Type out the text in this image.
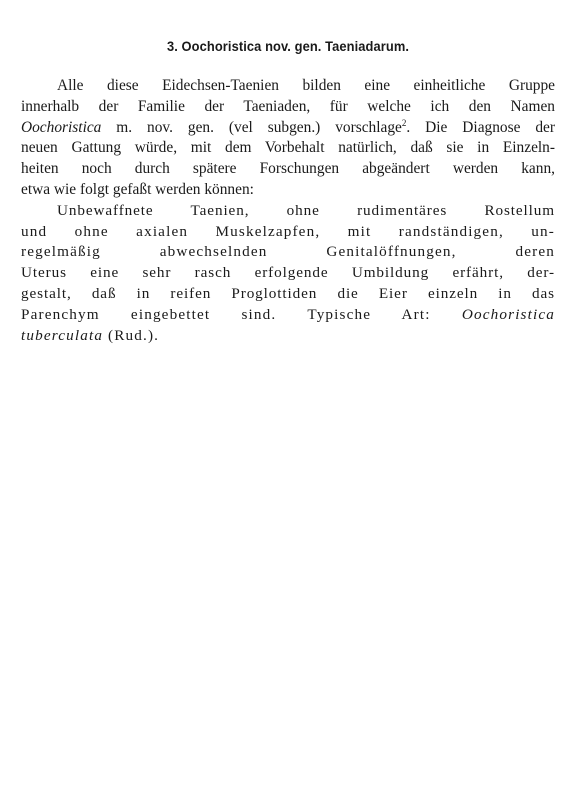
3. Oochoristica nov. gen. Taeniadarum.
Alle diese Eidechsen-Taenien bilden eine einheitliche Gruppe
innerhalb der Familie der Taeniaden, für welche ich den Namen
Oochoristica m. nov. gen. (vel subgen.) vorschlage$^2$. Die Diagnose der
neuen Gattung würde, mit dem Vorbehalt natürlich, daß sie in Einzeln-
heiten noch durch spätere Forschungen abgeändert werden kann,
etwa wie folgt gefaßt werden können:
Unbewaffnete Taenien, ohne rudimentäres Rostellum
und ohne axialen Muskelzapfen, mit randständigen, un-
regelmäßig abwechselnden Genitalöffnungen, deren
Uterus eine sehr rasch erfolgende Umbildung erfährt, der-
gestalt, daß in reifen Proglottiden die Eier einzeln in das
Parenchym eingebettet sind. Typische Art: Oochoristica
tuberculata (Rud.).
